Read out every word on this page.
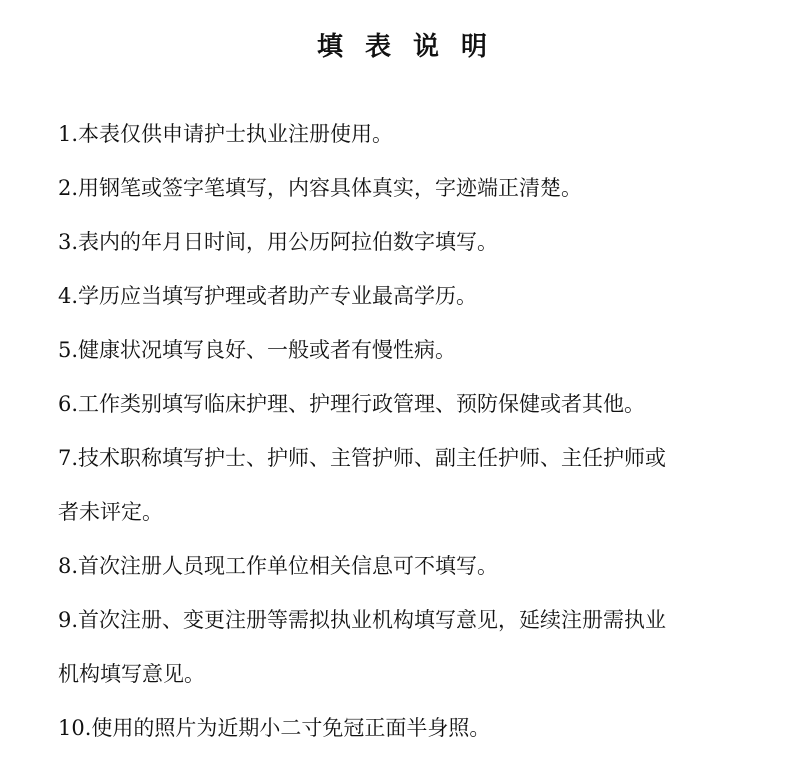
填表说明
1.本表仅供申请护士执业注册使用。
2.用钢笔或签字笔填写，内容具体真实，字迹端正清楚。
3.表内的年月日时间，用公历阿拉伯数字填写。
4.学历应当填写护理或者助产专业最高学历。
5.健康状况填写良好、一般或者有慢性病。
6.工作类别填写临床护理、护理行政管理、预防保健或者其他。
7.技术职称填写护士、护师、主管护师、副主任护师、主任护师或
者未评定。
8.首次注册人员现工作单位相关信息可不填写。
9.首次注册、变更注册等需拟执业机构填写意见，延续注册需执业
机构填写意见。
10.使用的照片为近期小二寸免冠正面半身照。
